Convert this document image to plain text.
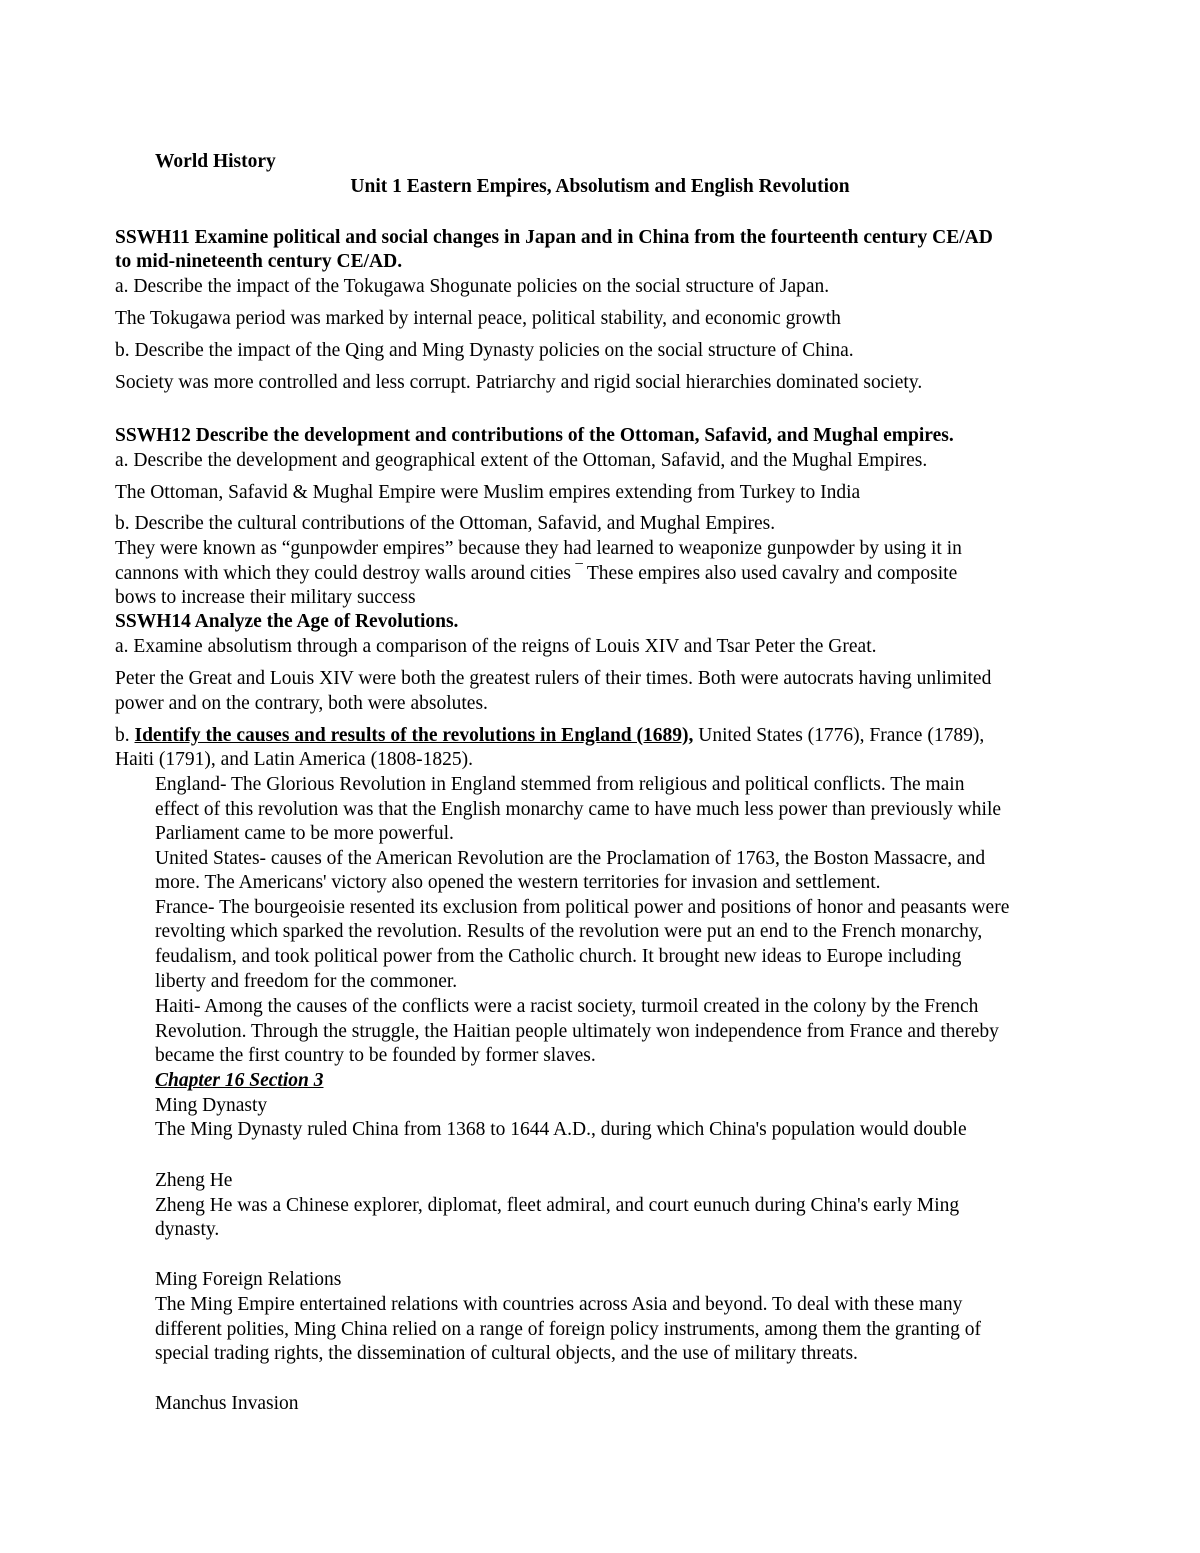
World History
Unit 1 Eastern Empires, Absolutism and English Revolution
SSWH11 Examine political and social changes in Japan and in China from the fourteenth century CE/AD
to mid-nineteenth century CE/AD.
a. Describe the impact of the Tokugawa Shogunate policies on the social structure of Japan.
The Tokugawa period was marked by internal peace, political stability, and economic growth
b. Describe the impact of the Qing and Ming Dynasty policies on the social structure of China.
Society was more controlled and less corrupt. Patriarchy and rigid social hierarchies dominated society.
SSWH12 Describe the development and contributions of the Ottoman, Safavid, and Mughal empires.
a. Describe the development and geographical extent of the Ottoman, Safavid, and the Mughal Empires.
The Ottoman, Safavid & Mughal Empire were Muslim empires extending from Turkey to India
b. Describe the cultural contributions of the Ottoman, Safavid, and Mughal Empires.
They were known as “gunpowder empires” because they had learned to weaponize gunpowder by using it in
cannons with which they could destroy walls around cities ‾ These empires also used cavalry and composite
bows to increase their military success
SSWH14 Analyze the Age of Revolutions.
a. Examine absolutism through a comparison of the reigns of Louis XIV and Tsar Peter the Great.
Peter the Great and Louis XIV were both the greatest rulers of their times. Both were autocrats having unlimited
power and on the contrary, both were absolutes.
b. Identify the causes and results of the revolutions in England (1689), United States (1776), France (1789),
Haiti (1791), and Latin America (1808-1825).
England- The Glorious Revolution in England stemmed from religious and political conflicts. The main
effect of this revolution was that the English monarchy came to have much less power than previously while
Parliament came to be more powerful.
United States- causes of the American Revolution are the Proclamation of 1763, the Boston Massacre, and
more. The Americans' victory also opened the western territories for invasion and settlement.
France- The bourgeoisie resented its exclusion from political power and positions of honor and peasants were
revolting which sparked the revolution. Results of the revolution were put an end to the French monarchy,
feudalism, and took political power from the Catholic church. It brought new ideas to Europe including
liberty and freedom for the commoner.
Haiti- Among the causes of the conflicts were a racist society, turmoil created in the colony by the French
Revolution. Through the struggle, the Haitian people ultimately won independence from France and thereby
became the first country to be founded by former slaves.
Chapter 16 Section 3
Ming Dynasty
The Ming Dynasty ruled China from 1368 to 1644 A.D., during which China's population would double
Zheng He
Zheng He was a Chinese explorer, diplomat, fleet admiral, and court eunuch during China's early Ming
dynasty.
Ming Foreign Relations
The Ming Empire entertained relations with countries across Asia and beyond. To deal with these many
different polities, Ming China relied on a range of foreign policy instruments, among them the granting of
special trading rights, the dissemination of cultural objects, and the use of military threats.
Manchus Invasion
